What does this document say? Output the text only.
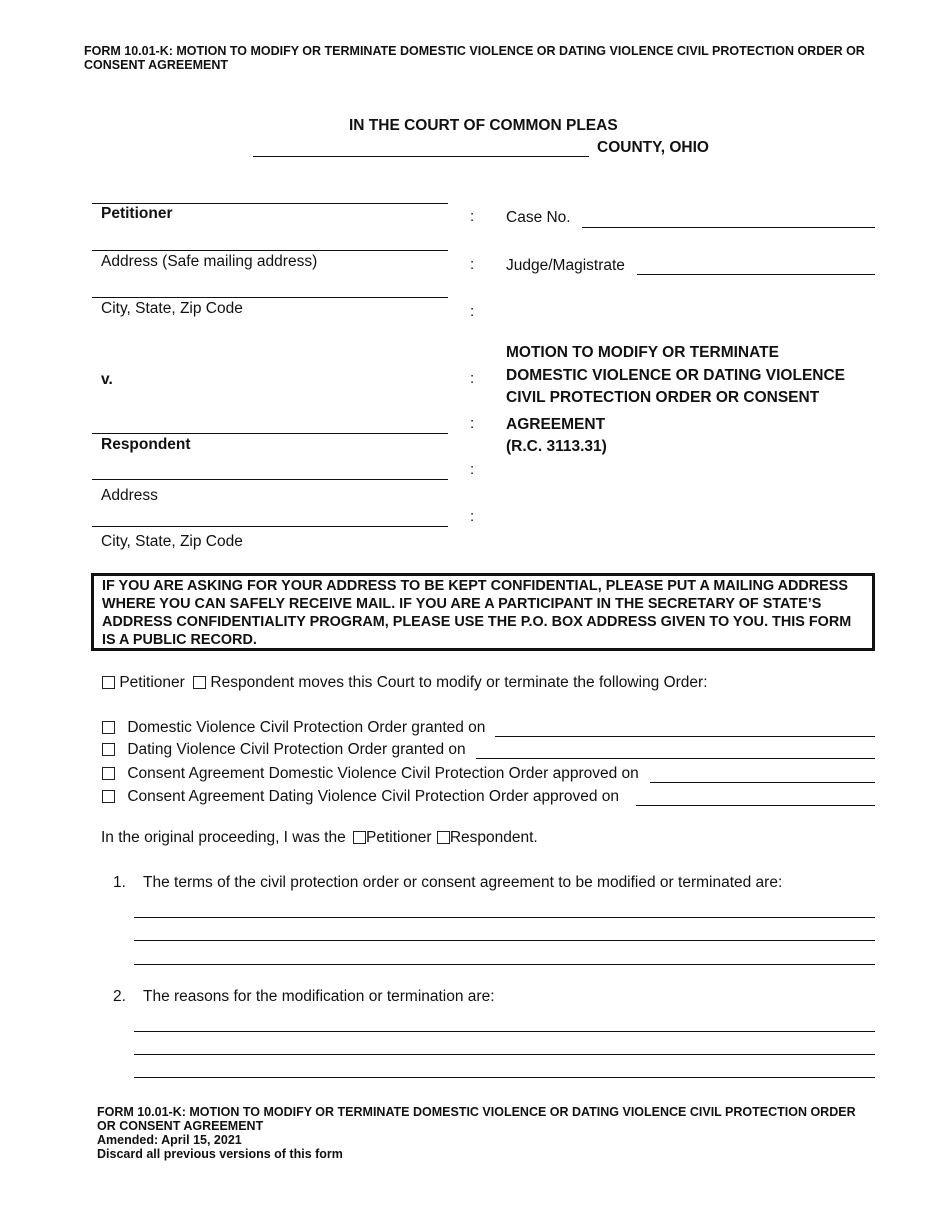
FORM 10.01-K: MOTION TO MODIFY OR TERMINATE DOMESTIC VIOLENCE OR DATING VIOLENCE CIVIL PROTECTION ORDER OR CONSENT AGREEMENT
IN THE COURT OF COMMON PLEAS
COUNTY, OHIO
Petitioner
Address (Safe mailing address)
City, State, Zip Code
v.
Respondent
Address
City, State, Zip Code
:
:
:
:
:
:
:
Case No.
Judge/Magistrate
MOTION TO MODIFY OR TERMINATE
DOMESTIC VIOLENCE OR DATING VIOLENCE
CIVIL PROTECTION ORDER OR CONSENT
AGREEMENT
(R.C. 3113.31)
IF YOU ARE ASKING FOR YOUR ADDRESS TO BE KEPT CONFIDENTIAL, PLEASE PUT A MAILING ADDRESS WHERE YOU CAN SAFELY RECEIVE MAIL. IF YOU ARE A PARTICIPANT IN THE SECRETARY OF STATE’S ADDRESS CONFIDENTIALITY PROGRAM, PLEASE USE THE P.O. BOX ADDRESS GIVEN TO YOU. THIS FORM IS A PUBLIC RECORD.
Petitioner Respondent moves this Court to modify or terminate the following Order:
Domestic Violence Civil Protection Order granted on
Dating Violence Civil Protection Order granted on
Consent Agreement Domestic Violence Civil Protection Order approved on
Consent Agreement Dating Violence Civil Protection Order approved on
In the original proceeding, I was the Petitioner Respondent.
1. The terms of the civil protection order or consent agreement to be modified or terminated are:
2. The reasons for the modification or termination are:
FORM 10.01-K: MOTION TO MODIFY OR TERMINATE DOMESTIC VIOLENCE OR DATING VIOLENCE CIVIL PROTECTION ORDER OR CONSENT AGREEMENT
Amended: April 15, 2021
Discard all previous versions of this form
